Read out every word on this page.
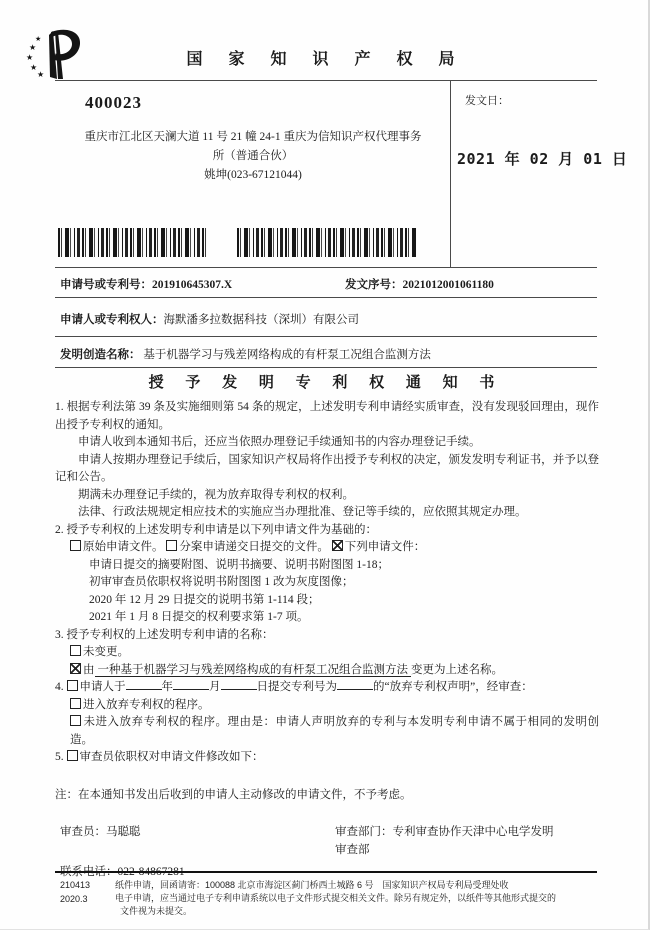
★
★
★
★
★
国 家 知 识 产 权 局
400023
重庆市江北区天澜大道 11 号 21 幢 24-1 重庆为信知识产权代理事务
所（普通合伙）
姚坤(023-67121044)
发文日：
2021 年 02 月 01 日
申请号或专利号：201910645307.X	发文序号：2021012001061180
申请人或专利权人：海默潘多拉数据科技（深圳）有限公司
发明创造名称： 基于机器学习与残差网络构成的有杆泵工况组合监测方法
授 予 发 明 专 利 权 通 知 书

1. 根据专利法第 39 条及实施细则第 54 条的规定，上述发明专利申请经实质审查，没有发现驳回理由，现作出授予专利权的通知。

申请人收到本通知书后，还应当依照办理登记手续通知书的内容办理登记手续。

申请人按期办理登记手续后，国家知识产权局将作出授予专利权的决定，颁发发明专利证书，并予以登记和公告。

期满未办理登记手续的，视为放弃取得专利权的权利。

法律、行政法规规定相应技术的实施应当办理批准、登记等手续的，应依照其规定办理。

2. 授予专利权的上述发明专利申请是以下列申请文件为基础的：

原始申请文件。 分案申请递交日提交的文件。 下列申请文件：

申请日提交的摘要附图、说明书摘要、说明书附图图 1-18；

初审审查员依职权将说明书附图图 1 改为灰度图像；

2020 年 12 月 29 日提交的说明书第 1-114 段；

2021 年 1 月 8 日提交的权利要求第 1-7 项。

3. 授予专利权的上述发明专利申请的名称：

未变更。

由 一种基于机器学习与残差网络构成的有杆泵工况组合监测方法 变更为上述名称。

4. 申请人于	年	月	日提交专利号为	的“放弃专利权声明”，经审查：

进入放弃专利权的程序。

未进入放弃专利权的程序。理由是：申请人声明放弃的专利与本发明专利申请不属于相同的发明创造。

5. 审查员依职权对申请文件修改如下：

注：在本通知书发出后收到的申请人主动修改的申请文件，不予考虑。

审查员：马聪聪	审查部门：专利审查协作天津中心电学发明
审查部
210413
2020.3
纸件申请，回函请寄：100088 北京市海淀区蓟门桥西土城路 6 号　国家知识产权局专利局受理处收
电子申请，应当通过电子专利申请系统以电子文件形式提交相关文件。除另有规定外，以纸件等其他形式提交的
文件视为未提交。
